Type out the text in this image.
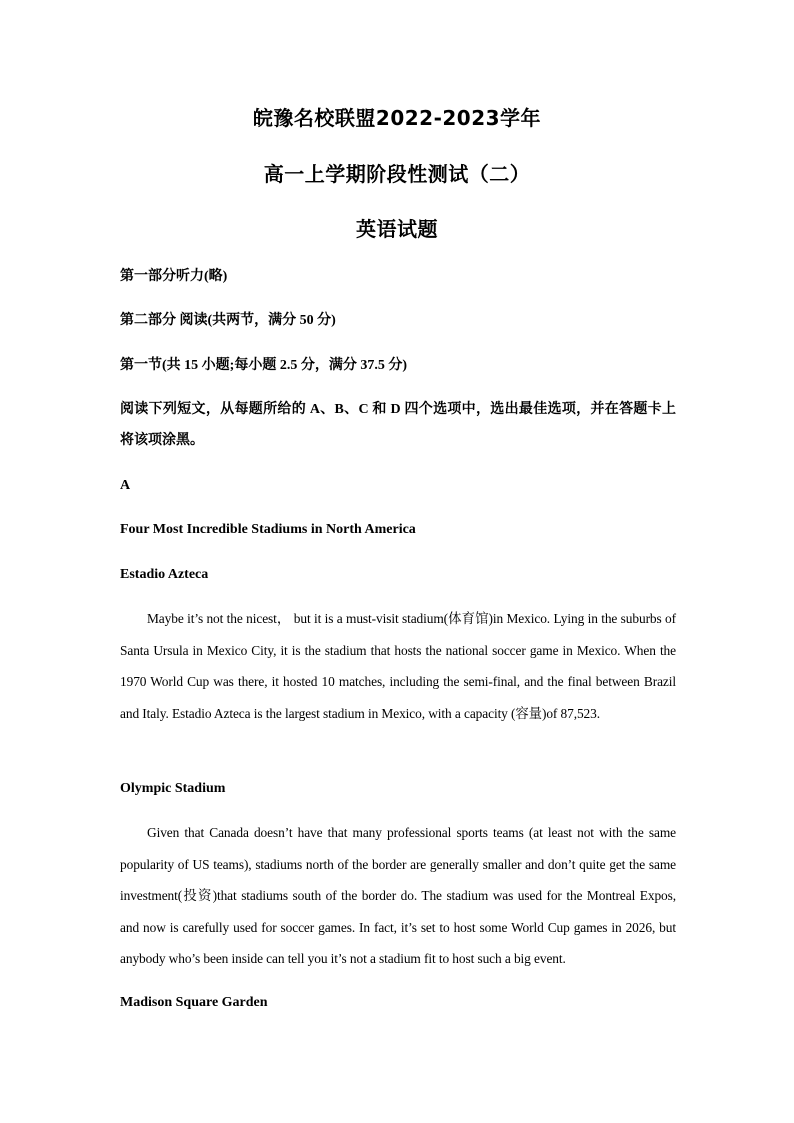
皖豫名校联盟2022-2023学年
高一上学期阶段性测试（二）
英语试题
第一部分听力(略)
第二部分 阅读(共两节，满分 50 分)
第一节(共 15 小题;每小题 2.5 分，满分 37.5 分)

阅读下列短文，从每题所给的 A、B、C 和 D 四个选项中，选出最佳选项，并在答题卡上将该项涂黑。

A
Four Most Incredible Stadiums in North America
Estadio Azteca

Maybe it’s not the nicest， but it is a must-visit stadium(体育馆)in Mexico. Lying in the suburbs of Santa Ursula in Mexico City, it is the stadium that hosts the national soccer game in Mexico. When the 1970 World Cup was there, it hosted 10 matches, including the semi-final, and the final between Brazil and Italy. Estadio Azteca is the largest stadium in Mexico, with a capacity (容量)of 87,523.

Olympic Stadium

Given that Canada doesn’t have that many professional sports teams (at least not with the same popularity of US teams), stadiums north of the border are generally smaller and don’t quite get the same investment(投资)that stadiums south of the border do. The stadium was used for the Montreal Expos, and now is carefully used for soccer games. In fact, it’s set to host some World Cup games in 2026, but anybody who’s been inside can tell you it’s not a stadium fit to host such a big event.

Madison Square Garden
